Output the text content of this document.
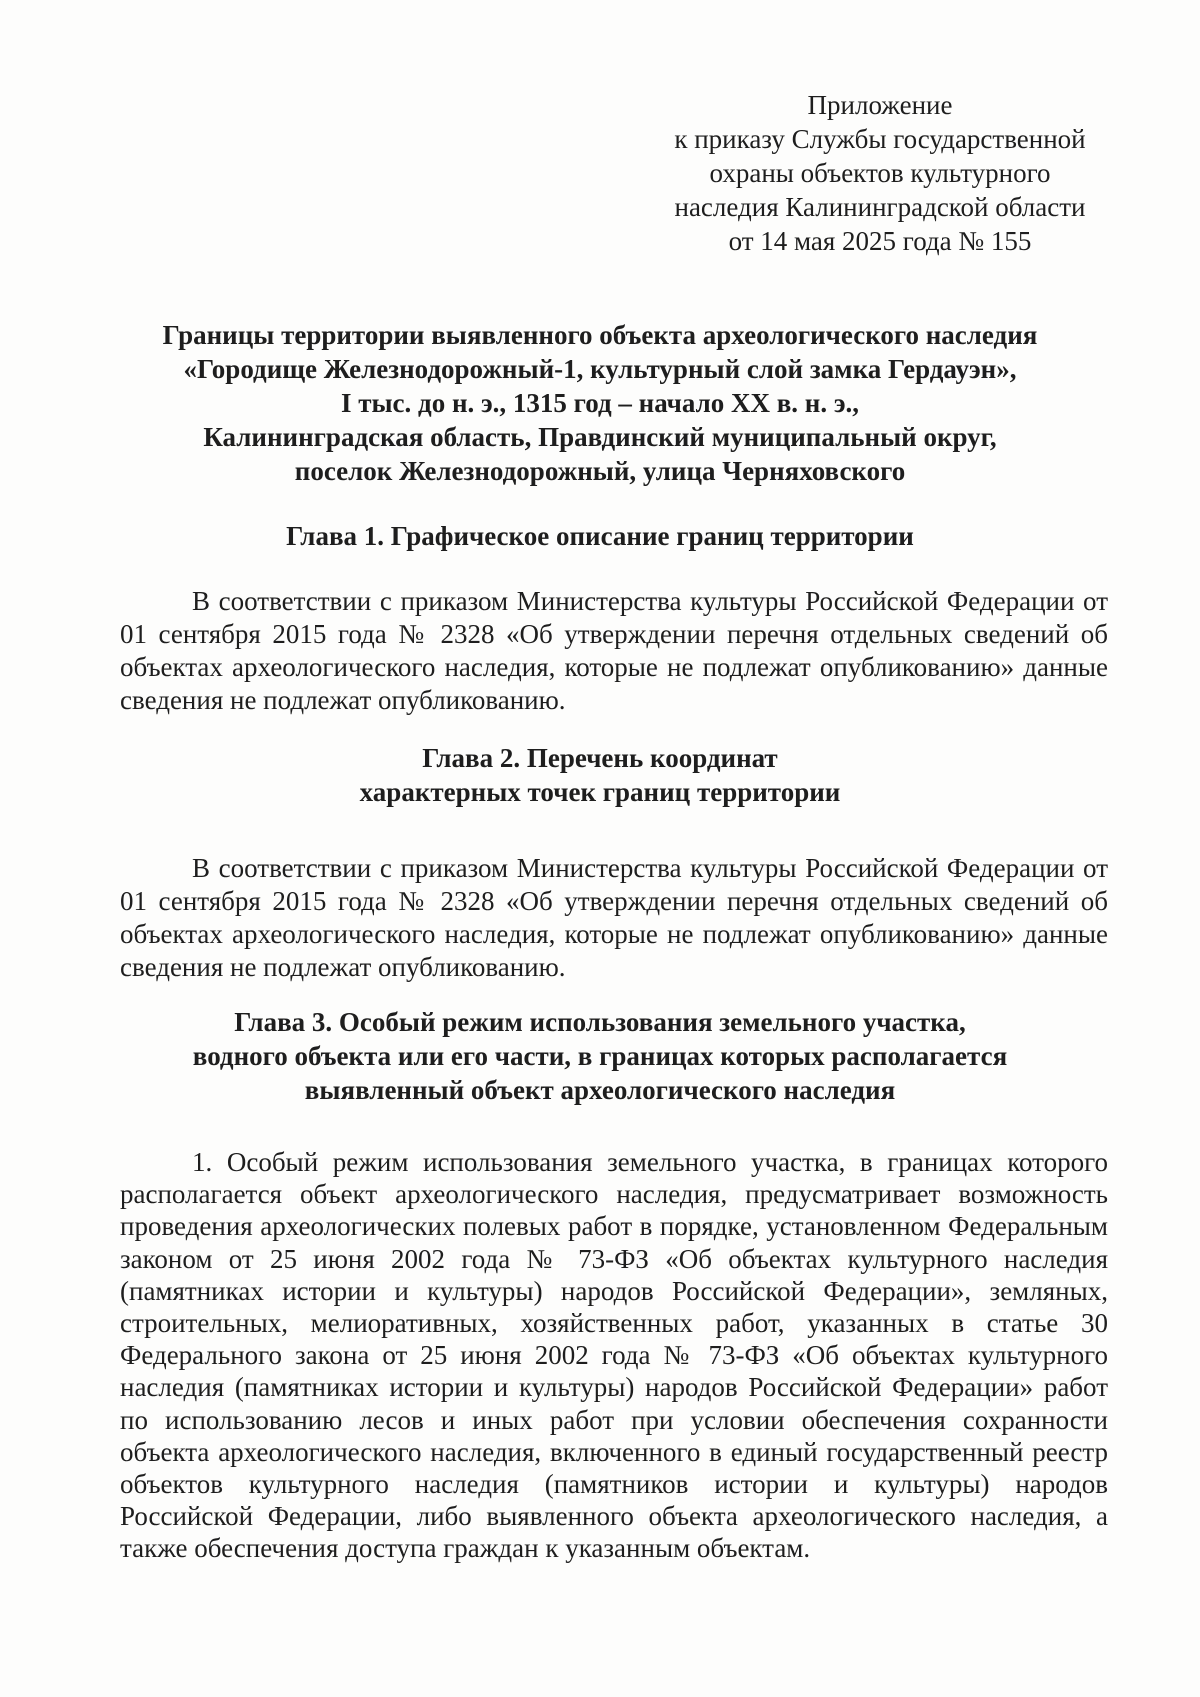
Приложение
к приказу Службы государственной
охраны объектов культурного
наследия Калининградской области
от 14 мая 2025 года № 155
Границы территории выявленного объекта археологического наследия
«Городище Железнодорожный-1, культурный слой замка Гердауэн»,
I тыс. до н. э., 1315 год – начало XX в. н. э.,
Калининградская область, Правдинский муниципальный округ,
поселок Железнодорожный, улица Черняховского
Глава 1. Графическое описание границ территории
В соответствии с приказом Министерства культуры Российской Федерации от 01 сентября 2015 года № 2328 «Об утверждении перечня отдельных сведений об объектах археологического наследия, которые не подлежат опубликованию» данные сведения не подлежат опубликованию.
Глава 2. Перечень координат
характерных точек границ территории
В соответствии с приказом Министерства культуры Российской Федерации от 01 сентября 2015 года № 2328 «Об утверждении перечня отдельных сведений об объектах археологического наследия, которые не подлежат опубликованию» данные сведения не подлежат опубликованию.
Глава 3. Особый режим использования земельного участка,
водного объекта или его части, в границах которых располагается
выявленный объект археологического наследия
1. Особый режим использования земельного участка, в границах которого располагается объект археологического наследия, предусматривает возможность проведения археологических полевых работ в порядке, установленном Федеральным законом от 25 июня 2002 года № 73-ФЗ «Об объектах культурного наследия (памятниках истории и культуры) народов Российской Федерации», земляных, строительных, мелиоративных, хозяйственных работ, указанных в статье 30 Федерального закона от 25 июня 2002 года № 73-ФЗ «Об объектах культурного наследия (памятниках истории и культуры) народов Российской Федерации» работ по использованию лесов и иных работ при условии обеспечения сохранности объекта археологического наследия, включенного в единый государственный реестр объектов культурного наследия (памятников истории и культуры) народов Российской Федерации, либо выявленного объекта археологического наследия, а также обеспечения доступа граждан к указанным объектам.
